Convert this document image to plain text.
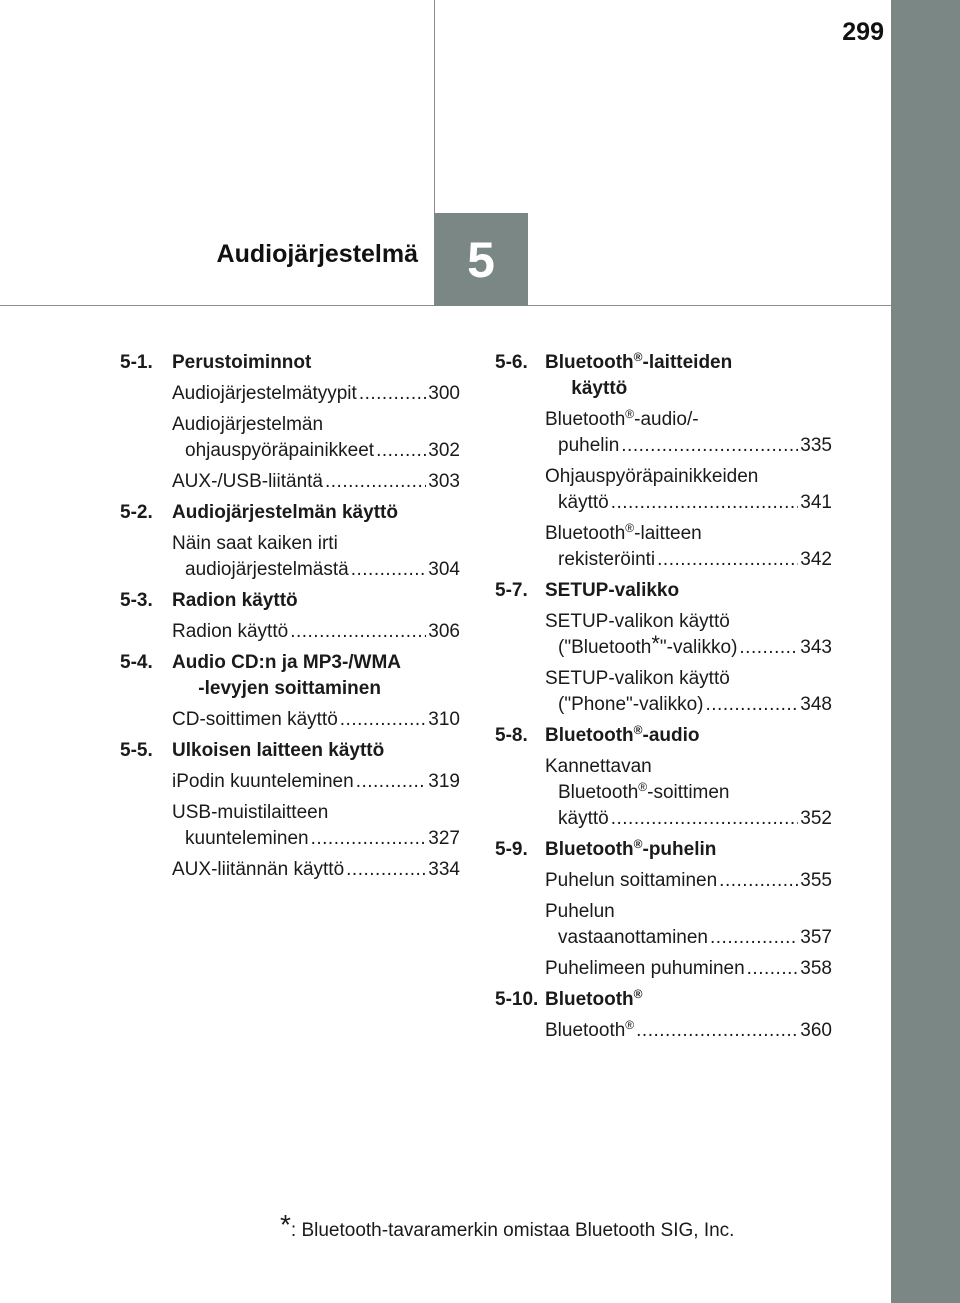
299
5
Audiojärjestelmä
5-1.	Perustoiminnot
Audiojärjestelmätyypit .....	300
Audiojärjestelmän
ohjauspyöräpainikkeet .....	302
AUX-/USB-liitäntä .....	303
5-2.	Audiojärjestelmän käyttö
Näin saat kaiken irti
audiojärjestelmästä .....	304
5-3.	Radion käyttö
Radion käyttö .....	306
5-4.	Audio CD:n ja MP3-/WMA
-levyjen soittaminen
CD-soittimen käyttö .....	310
5-5.	Ulkoisen laitteen käyttö
iPodin kuunteleminen .....	319
USB-muistilaitteen
kuunteleminen .....	327
AUX-liitännän käyttö .....	334
5-6. Bluetooth ® -laitteiden
käyttö
Bluetooth ® -audio/-
puhelin .....	335
Ohjauspyöräpainikkeiden
käyttö .....	341
Bluetooth ® -laitteen
rekisteröinti .....	342
5-7. SETUP-valikko
SETUP-valikon käyttö
("Bluetooth*"-valikko) .....	343
SETUP-valikon käyttö
("Phone"-valikko) .....	348
5-8. Bluetooth ® -audio
Kannettavan
Bluetooth ® -soittimen
käyttö .....	352
5-9. Bluetooth ® -puhelin
Puhelun soittaminen .....	355
Puhelun
vastaanottaminen .....	357
Puhelimeen puhuminen .....	358
5-10. Bluetooth ®
Bluetooth ® .....	360
*: Bluetooth-tavaramerkin omistaa Bluetooth SIG, Inc.
